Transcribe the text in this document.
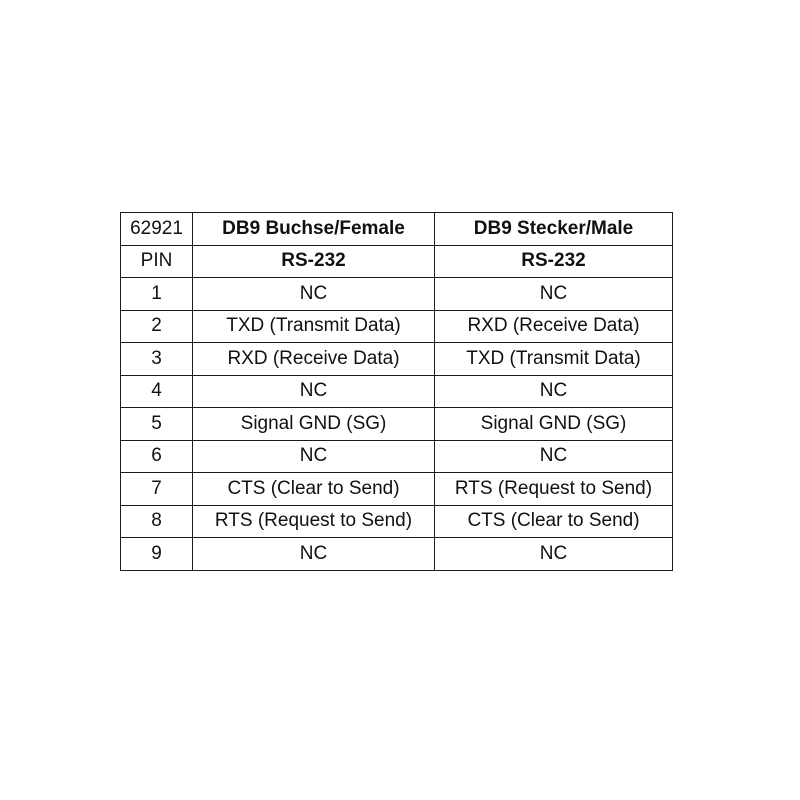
62921	DB9 Buchse/Female	DB9 Stecker/Male
PIN	RS-232	RS-232
1	NC	NC
2	TXD (Transmit Data)	RXD (Receive Data)
3	RXD (Receive Data)	TXD (Transmit Data)
4	NC	NC
5	Signal GND (SG)	Signal GND (SG)
6	NC	NC
7	CTS (Clear to Send)	RTS (Request to Send)
8	RTS (Request to Send)	CTS (Clear to Send)
9	NC	NC
